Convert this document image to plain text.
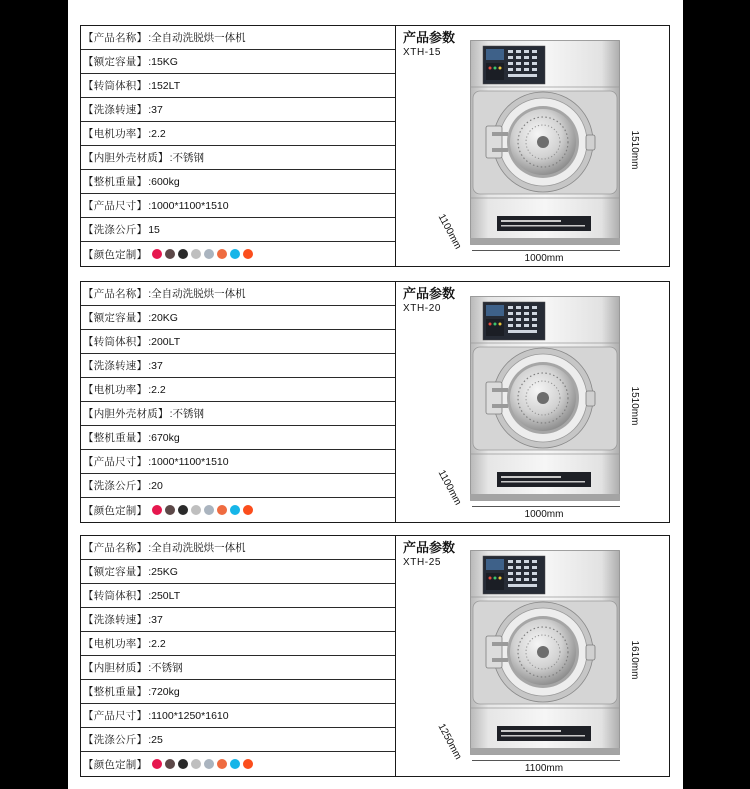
【产品名称】 :全自动洗脱烘一体机
【额定容量】 :15KG
【转筒体积】 :152LT
【洗涤转速】 :37
【电机功率】 :2.2
【内胆外壳材质】 :不锈钢
【整机重量】 :600kg
【产品尺寸】 :1000*1100*1510
【洗涤公斤】 15
【颜色定制】
产品参数
XTH-15
1510mm
1100mm
1000mm
【产品名称】 :全自动洗脱烘一体机
【额定容量】 :20KG
【转筒体积】 :200LT
【洗涤转速】 :37
【电机功率】 :2.2
【内胆外壳材质】 :不锈钢
【整机重量】 :670kg
【产品尺寸】 :1000*1100*1510
【洗涤公斤】 :20
【颜色定制】
产品参数
XTH-20
1510mm
1100mm
1000mm
【产品名称】 :全自动洗脱烘一体机
【额定容量】 :25KG
【转筒体积】 :250LT
【洗涤转速】 :37
【电机功率】 :2.2
【内胆材质】 :不锈钢
【整机重量】 :720kg
【产品尺寸】 :1100*1250*1610
【洗涤公斤】 :25
【颜色定制】
产品参数
XTH-25
1610mm
1250mm
1100mm
